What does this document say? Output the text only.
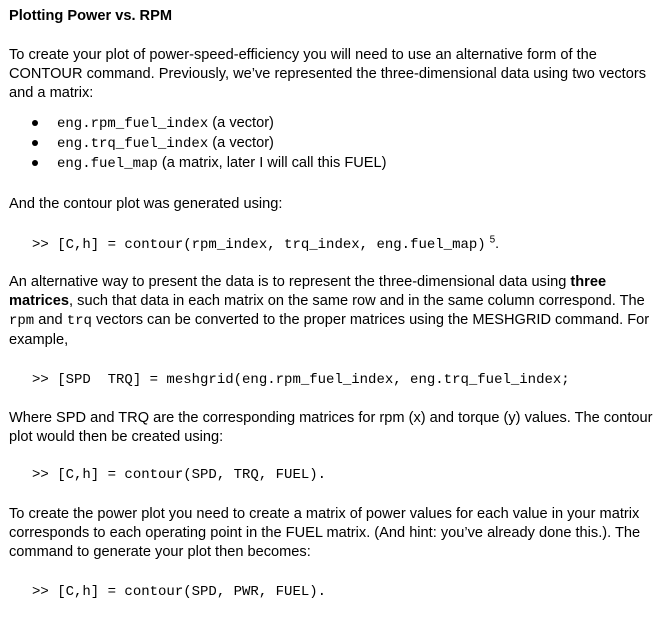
Plotting Power vs. RPM

To create your plot of power-speed-efficiency you will need to use an alternative form of the CONTOUR command. Previously, we’ve represented the three-dimensional data using two vectors and a matrix:

eng.rpm_fuel_index (a vector)
eng.trq_fuel_index (a vector)
eng.fuel_map (a matrix, later I will call this FUEL)

And the contour plot was generated using:

>> [C,h] = contour(rpm_index, trq_index, eng.fuel_map) $^5$.

An alternative way to present the data is to represent the three-dimensional data using three matrices, such that data in each matrix on the same row and in the same column correspond. The rpm and trq vectors can be converted to the proper matrices using the MESHGRID command. For example,

>> [SPD  TRQ] = meshgrid(eng.rpm_fuel_index, eng.trq_fuel_index;

Where SPD and TRQ are the corresponding matrices for rpm (x) and torque (y) values. The contour plot would then be created using:

>> [C,h] = contour(SPD, TRQ, FUEL).

To create the power plot you need to create a matrix of power values for each value in your matrix corresponds to each operating point in the FUEL matrix. (And hint: you’ve already done this.). The command to generate your plot then becomes:

>> [C,h] = contour(SPD, PWR, FUEL).
